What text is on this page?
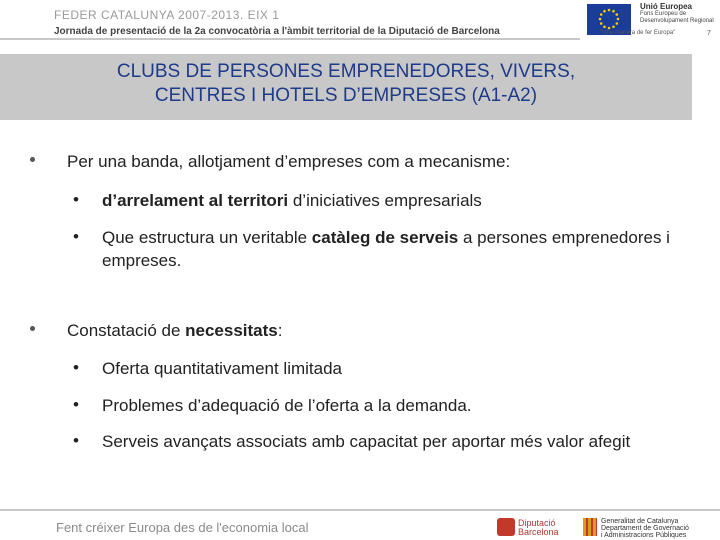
FEDER CATALUNYA 2007-2013. EIX 1
Jornada de presentació de la 2a convocatòria a l'àmbit territorial de la Diputació de Barcelona
Unió Europea
Fons Europeu de Desenvolupament Regional
"Una manera de fer Europa"	7
CLUBS DE PERSONES EMPRENEDORES, VIVERS,
CENTRES I HOTELS D’EMPRESES (A1-A2)
Per una banda, allotjament d’empreses com a mecanisme:
• d’arrelament al territori d’iniciatives empresarials
• Que estructura un veritable catàleg de serveis a persones emprenedores i empreses.
Constatació de necessitats:
• Oferta quantitativament limitada
• Problemes d’adequació de l’oferta a la demanda.
• Serveis avançats associats amb capacitat per aportar més valor afegit
Fent créixer Europa des de l'economia local	Diputació
Barcelona
Generalitat de Catalunya
Departament de Governació
i Administracions Públiques
